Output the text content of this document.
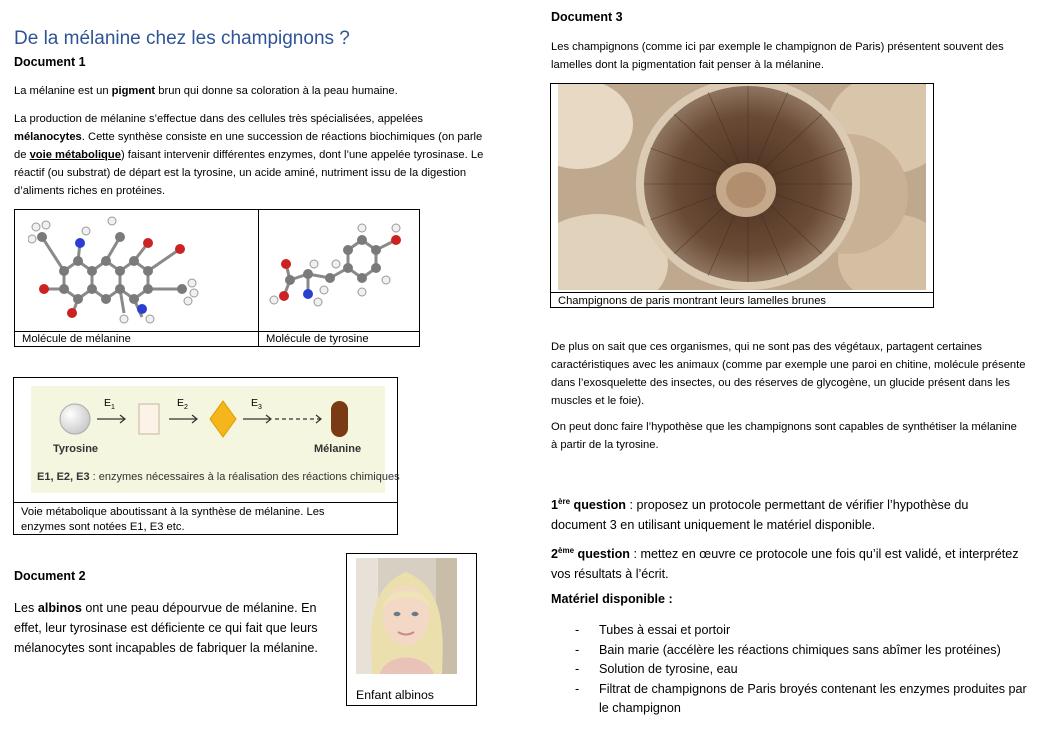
De la mélanine chez les champignons ?
Document 1

La mélanine est un pigment brun qui donne sa coloration à la peau humaine.

La production de mélanine s’effectue dans des cellules très spécialisées, appelées mélanocytes. Cette synthèse consiste en une succession de réactions biochimiques (on parle de voie métabolique) faisant intervenir différentes enzymes, dont l’une appelée tyrosinase. Le réactif (ou substrat) de départ est la tyrosine, un acide aminé, nutriment issu de la digestion d’aliments riches en protéines.

Molécule de mélanine	Molécule de tyrosine
$E_1$	$E_2$	$E_3$
Tyrosine	Mélanine
E1, E2, E3 : enzymes nécessaires à la réalisation des réactions chimiques
Voie métabolique aboutissant à la synthèse de mélanine. Les enzymes sont notées E1, E3 etc.
Document 2

Les albinos ont une peau dépourvue de mélanine. En effet, leur tyrosinase est déficiente ce qui fait que leurs mélanocytes sont incapables de fabriquer la mélanine.

Enfant albinos
Document 3

Les champignons (comme ici par exemple le champignon de Paris) présentent souvent des lamelles dont la pigmentation fait penser à la mélanine.

Champignons de paris montrant leurs lamelles brunes

De plus on sait que ces organismes, qui ne sont pas des végétaux, partagent certaines caractéristiques avec les animaux (comme par exemple une paroi en chitine, molécule présente dans l’exosquelette des insectes, ou des réserves de glycogène, un glucide présent dans les muscles et le foie).

On peut donc faire l’hypothèse que les champignons sont capables de synthétiser la mélanine à partir de la tyrosine.

1ère question : proposez un protocole permettant de vérifier l’hypothèse du document 3 en utilisant uniquement le matériel disponible.

2ème question : mettez en œuvre ce protocole une fois qu’il est validé, et interprétez vos résultats à l’écrit.

Matériel disponible :
- Tubes à essai et portoir
- Bain marie (accélère les réactions chimiques sans abîmer les protéines)
- Solution de tyrosine, eau
- Filtrat de champignons de Paris broyés contenant les enzymes produites par le champignon
